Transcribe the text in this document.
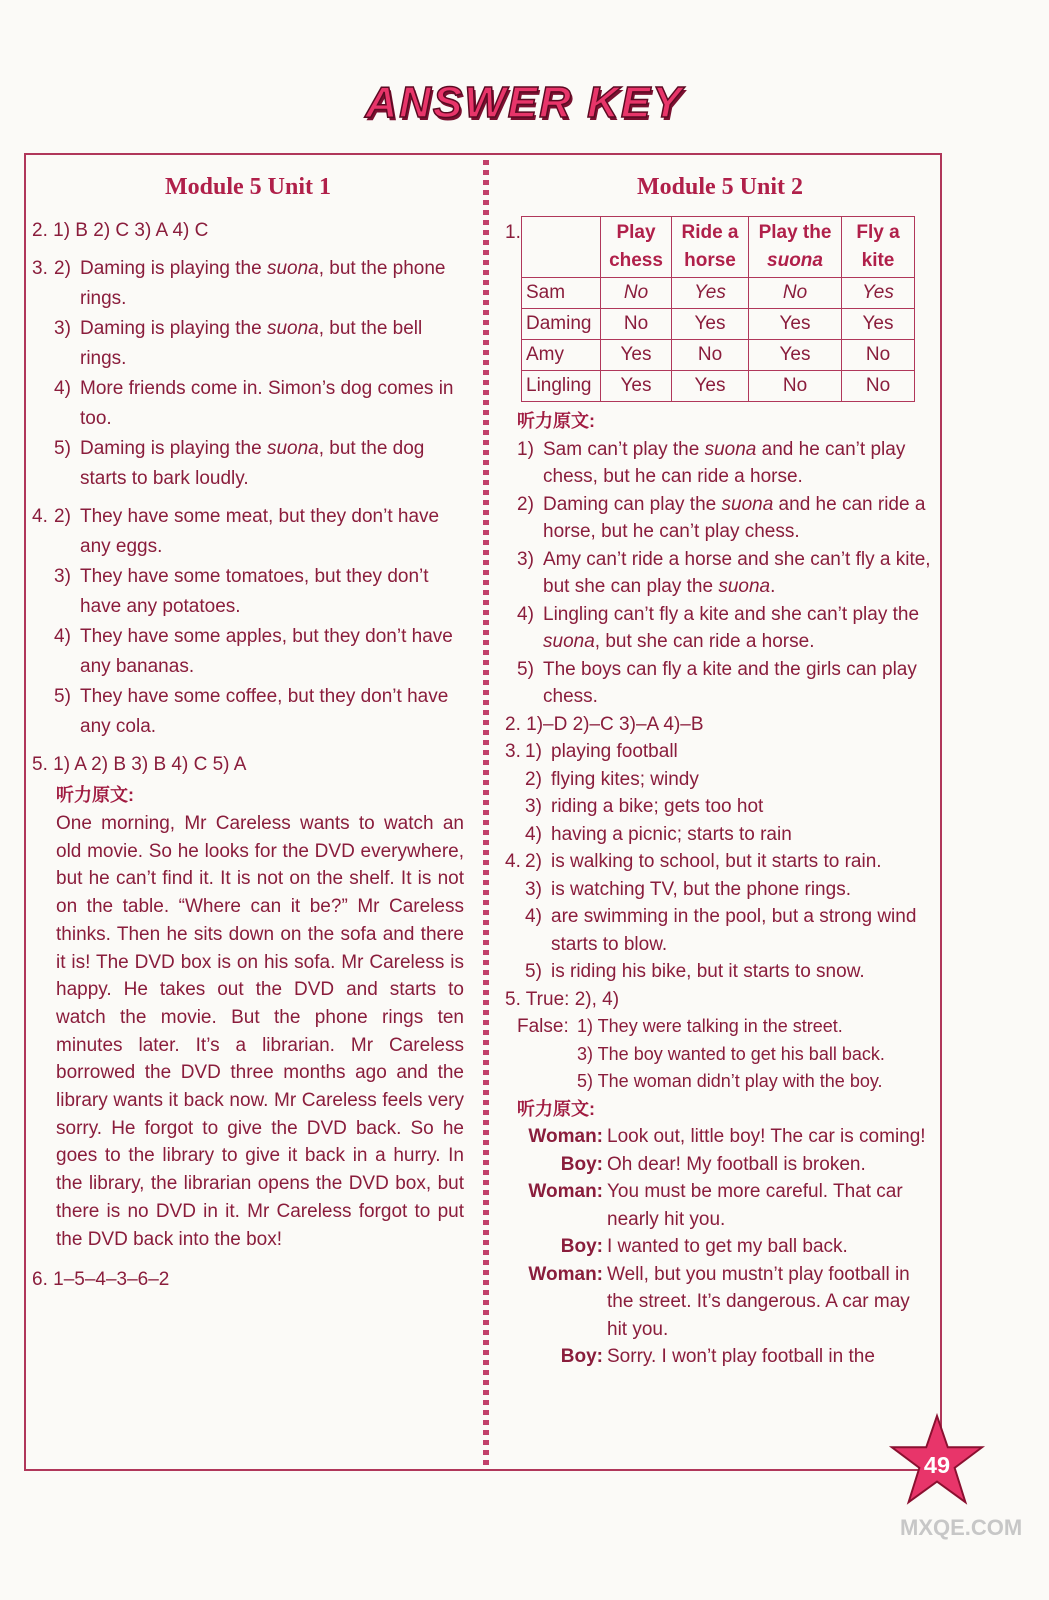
ANSWER KEY
Module 5 Unit 1
2. 1) B 2) C 3) A 4) C
3. 2) Daming is playing the suona, but the phone rings.
3) Daming is playing the suona, but the bell rings.
4) More friends come in. Simon’s dog comes in too.
5) Daming is playing the suona, but the dog starts to bark loudly.
4. 2) They have some meat, but they don’t have any eggs.
3) They have some tomatoes, but they don’t have any potatoes.
4) They have some apples, but they don’t have any bananas.
5) They have some coffee, but they don’t have any cola.
5. 1) A 2) B 3) B 4) C 5) A
听力原文:
One morning, Mr Careless wants to watch an old movie. So he looks for the DVD everywhere, but he can’t find it. It is not on the shelf. It is not on the table. “Where can it be?” Mr Careless thinks. Then he sits down on the sofa and there it is! The DVD box is on his sofa. Mr Careless is happy. He takes out the DVD and starts to watch the movie. But the phone rings ten minutes later. It’s a librarian. Mr Careless borrowed the DVD three months ago and the library wants it back now. Mr Careless feels very sorry. He forgot to give the DVD back. So he goes to the library to give it back in a hurry. In the library, the librarian opens the DVD box, but there is no DVD in it. Mr Careless forgot to put the DVD back into the box!
6. 1–5–4–3–6–2
Module 5 Unit 2
1.
		Play chess	Ride a horse	Play the suona	Fly a kite
Sam	No	Yes	No	Yes
Daming	No	Yes	Yes	Yes
Amy	Yes	No	Yes	No
Lingling	Yes	Yes	No	No
听力原文:
1) Sam can’t play the suona and he can’t play chess, but he can ride a horse.
2) Daming can play the suona and he can ride a horse, but he can’t play chess.
3) Amy can’t ride a horse and she can’t fly a kite, but she can play the suona.
4) Lingling can’t fly a kite and she can’t play the suona, but she can ride a horse.
5) The boys can fly a kite and the girls can play chess.
2. 1)–D 2)–C 3)–A 4)–B
3. 1) playing football
2) flying kites; windy
3) riding a bike; gets too hot
4) having a picnic; starts to rain
4. 2) is walking to school, but it starts to rain.
3) is watching TV, but the phone rings.
4) are swimming in the pool, but a strong wind starts to blow.
5) is riding his bike, but it starts to snow.
5. True: 2), 4)
False: 1) They were talking in the street.
3) The boy wanted to get his ball back.
5) The woman didn’t play with the boy.
听力原文:
Woman: Look out, little boy! The car is coming!
Boy: Oh dear! My football is broken.
Woman: You must be more careful. That car nearly hit you.
Boy: I wanted to get my ball back.
Woman: Well, but you mustn’t play football in the street. It’s dangerous. A car may hit you.
Boy: Sorry. I won’t play football in the
49
MXQE.COM
